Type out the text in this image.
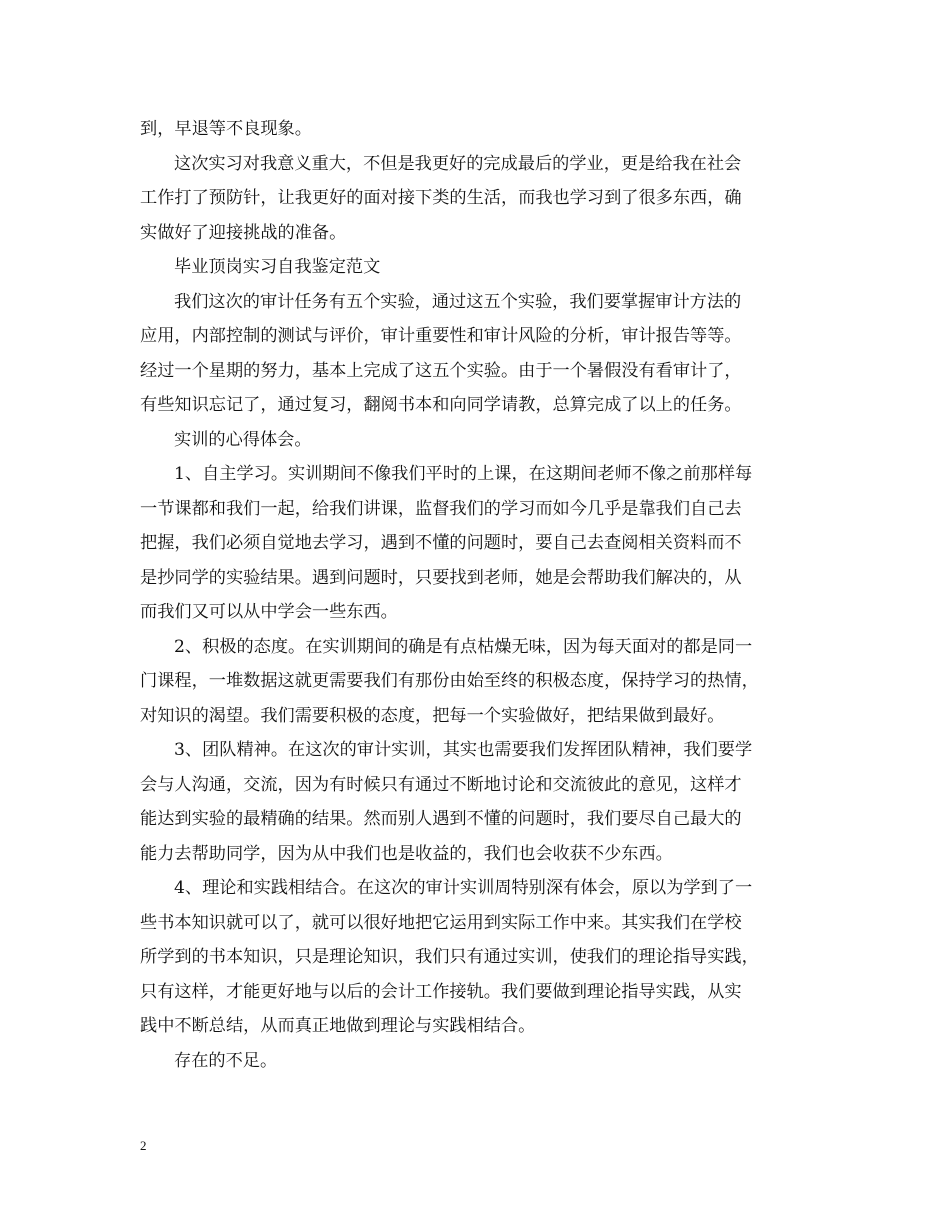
到，早退等不良现象。
这次实习对我意义重大，不但是我更好的完成最后的学业，更是给我在社会
工作打了预防针，让我更好的面对接下类的生活，而我也学习到了很多东西，确
实做好了迎接挑战的准备。
毕业顶岗实习自我鉴定范文
我们这次的审计任务有五个实验，通过这五个实验，我们要掌握审计方法的
应用，内部控制的测试与评价，审计重要性和审计风险的分析，审计报告等等。
经过一个星期的努力，基本上完成了这五个实验。由于一个暑假没有看审计了，
有些知识忘记了，通过复习，翻阅书本和向同学请教，总算完成了以上的任务。
实训的心得体会。
1、自主学习。实训期间不像我们平时的上课，在这期间老师不像之前那样每
一节课都和我们一起，给我们讲课，监督我们的学习而如今几乎是靠我们自己去
把握，我们必须自觉地去学习，遇到不懂的问题时，要自己去查阅相关资料而不
是抄同学的实验结果。遇到问题时，只要找到老师，她是会帮助我们解决的，从
而我们又可以从中学会一些东西。
2、积极的态度。在实训期间的确是有点枯燥无味，因为每天面对的都是同一
门课程，一堆数据这就更需要我们有那份由始至终的积极态度，保持学习的热情，
对知识的渴望。我们需要积极的态度，把每一个实验做好，把结果做到最好。
3、团队精神。在这次的审计实训，其实也需要我们发挥团队精神，我们要学
会与人沟通，交流，因为有时候只有通过不断地讨论和交流彼此的意见，这样才
能达到实验的最精确的结果。然而别人遇到不懂的问题时，我们要尽自己最大的
能力去帮助同学，因为从中我们也是收益的，我们也会收获不少东西。
4、理论和实践相结合。在这次的审计实训周特别深有体会，原以为学到了一
些书本知识就可以了，就可以很好地把它运用到实际工作中来。其实我们在学校
所学到的书本知识，只是理论知识，我们只有通过实训，使我们的理论指导实践，
只有这样，才能更好地与以后的会计工作接轨。我们要做到理论指导实践，从实
践中不断总结，从而真正地做到理论与实践相结合。
存在的不足。
2
